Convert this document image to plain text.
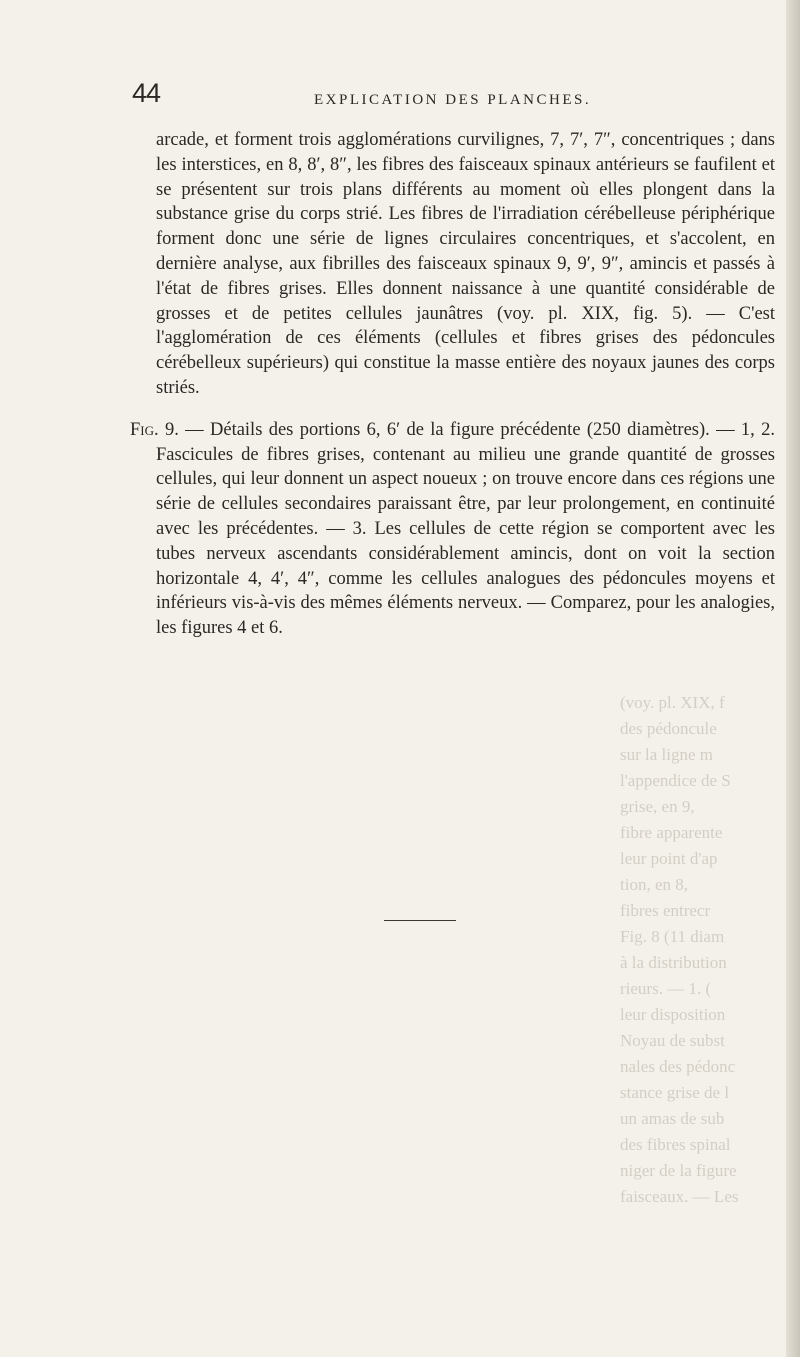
44	EXPLICATION DES PLANCHES.

arcade, et forment trois agglomérations curvilignes, 7, 7′, 7″, concentriques ; dans les interstices, en 8, 8′, 8″, les fibres des faisceaux spinaux antérieurs se faufilent et se présentent sur trois plans différents au moment où elles plongent dans la substance grise du corps strié. Les fibres de l'irradiation cérébelleuse périphérique forment donc une série de lignes circulaires concentriques, et s'accolent, en dernière analyse, aux fibrilles des faisceaux spinaux 9, 9′, 9″, amincis et passés à l'état de fibres grises. Elles donnent naissance à une quantité considérable de grosses et de petites cellules jaunâtres (voy. pl. XIX, fig. 5). — C'est l'agglomération de ces éléments (cellules et fibres grises des pédoncules cérébelleux supérieurs) qui constitue la masse entière des noyaux jaunes des corps striés.

Fig. 9. — Détails des portions 6, 6′ de la figure précédente (250 diamètres). — 1, 2. Fascicules de fibres grises, contenant au milieu une grande quantité de grosses cellules, qui leur donnent un aspect noueux ; on trouve encore dans ces régions une série de cellules secondaires paraissant être, par leur prolongement, en continuité avec les précédentes. — 3. Les cellules de cette région se comportent avec les tubes nerveux ascendants considérablement amincis, dont on voit la section horizontale 4, 4′, 4″, comme les cellules analogues des pédoncules moyens et inférieurs vis-à-vis des mêmes éléments nerveux. — Comparez, pour les analogies, les figures 4 et 6.

(voy. pl. XIX, f
des pédoncule
sur la ligne m
l'appendice de S
grise, en 9,
fibre apparente
leur point d'ap
tion, en 8,
fibres entrecr
Fig. 8 (11 diam
à la distribution
rieurs. — 1. (
leur disposition
Noyau de subst
nales des pédonc
stance grise de l
un amas de sub
des fibres spinal
niger de la figure
faisceaux. — Les
